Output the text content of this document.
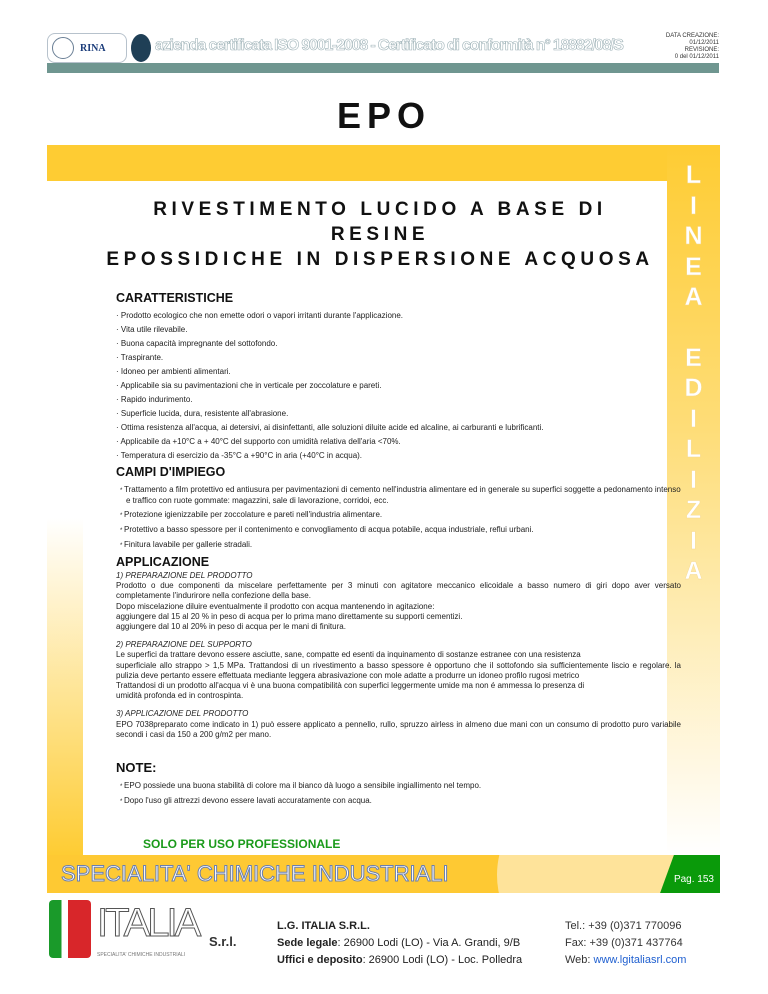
RINA	azienda certificata ISO 9001-2008 - Certificato di conformità n° 18882/08/S
DATA CREAZIONE:
01/12/2011
REVISIONE:
0 del 01/12/2011
EPO
L
I
N
E
A
E
D
I
L
I
Z
I
A
RIVESTIMENTO LUCIDO A BASE DI RESINE
EPOSSIDICHE IN DISPERSIONE ACQUOSA
CARATTERISTICHE
· Prodotto ecologico che non emette odori o vapori irritanti durante l'applicazione.
· Vita utile rilevabile.
· Buona capacità impregnante del sottofondo.
· Traspirante.
· Idoneo per ambienti alimentari.
· Applicabile sia su pavimentazioni che in verticale per zoccolature e pareti.
· Rapido indurimento.
· Superficie lucida, dura, resistente all'abrasione.
· Ottima resistenza all'acqua, ai detersivi, ai disinfettanti, alle soluzioni diluite acide ed alcaline, ai carburanti e lubrificanti.
· Applicabile da +10°C a + 40°C del supporto con umidità relativa dell'aria <70%.
· Temperatura di esercizio da -35°C a +90°C in aria (+40°C in acqua).
CAMPI D'IMPIEGO
* Trattamento a film protettivo ed antiusura per pavimentazioni di cemento nell'industria alimentare ed in generale su superfici soggette a pedonamento intenso e traffico con ruote gommate: magazzini, sale di lavorazione, corridoi, ecc.
* Protezione igienizzabile per zoccolature e pareti nell'industria alimentare.
* Protettivo a basso spessore per il contenimento e convogliamento di acqua potabile, acqua industriale, reflui urbani.
* Finitura lavabile per gallerie stradali.
APPLICAZIONE
1) PREPARAZIONE DEL PRODOTTO
Prodotto o due componenti da miscelare perfettamente per 3 minuti con agitatore meccanico elicoidale a basso numero di giri dopo aver versato completamente l'indurirore nella confezione della base.
Dopo miscelazione diluire eventualmente il prodotto con acqua mantenendo in agitazione:
aggiungere dal 15 al 20 % in peso di acqua per lo prima mano direttamente su supporti cementizi.
aggiungere dal 10 al 20% in peso di acqua per le mani di finitura.
2) PREPARAZIONE DEL SUPPORTO
Le superfici da trattare devono essere asciutte, sane, compatte ed esenti da inquinamento di sostanze estranee con una resistenza
superficiale allo strappo > 1,5 MPa. Trattandosi di un rivestimento a basso spessore è opportuno che il sottofondo sia sufficientemente liscio e regolare. la pulizia deve pertanto essere effettuata mediante leggera abrasivazione con mole adatte a produrre un idoneo profilo rugosi metrico
Trattandosi di un prodotto all'acqua vi è una buona compatibilità con superfici leggermente umide ma non é ammessa lo presenza di
umidità profonda ed in controspinta.
3) APPLICAZIONE DEL PRODOTTO
EPO 7038preparato come indicato in 1) può essere applicato a pennello, rullo, spruzzo airless in almeno due mani con un consumo di prodotto puro variabile secondi i casi da 150 a 200 g/m2 per mano.
NOTE:
* EPO possiede una buona stabilità di colore ma il bianco dà luogo a sensibile ingiallimento nel tempo.
* Dopo l'uso gli attrezzi devono essere lavati accuratamente con acqua.
SOLO PER USO PROFESSIONALE
SPECIALITA' CHIMICHE INDUSTRIALI	Pag. 153
ITALIA S.r.l.
SPECIALITA' CHIMICHE INDUSTRIALI
L.G. ITALIA S.R.L.
Sede legale: 26900 Lodi (LO) - Via A. Grandi, 9/B
Uffici e deposito: 26900 Lodi (LO) - Loc. Polledra
Tel.: +39 (0)371 770096
Fax: +39 (0)371 437764
Web: www.lgitaliasrl.com
